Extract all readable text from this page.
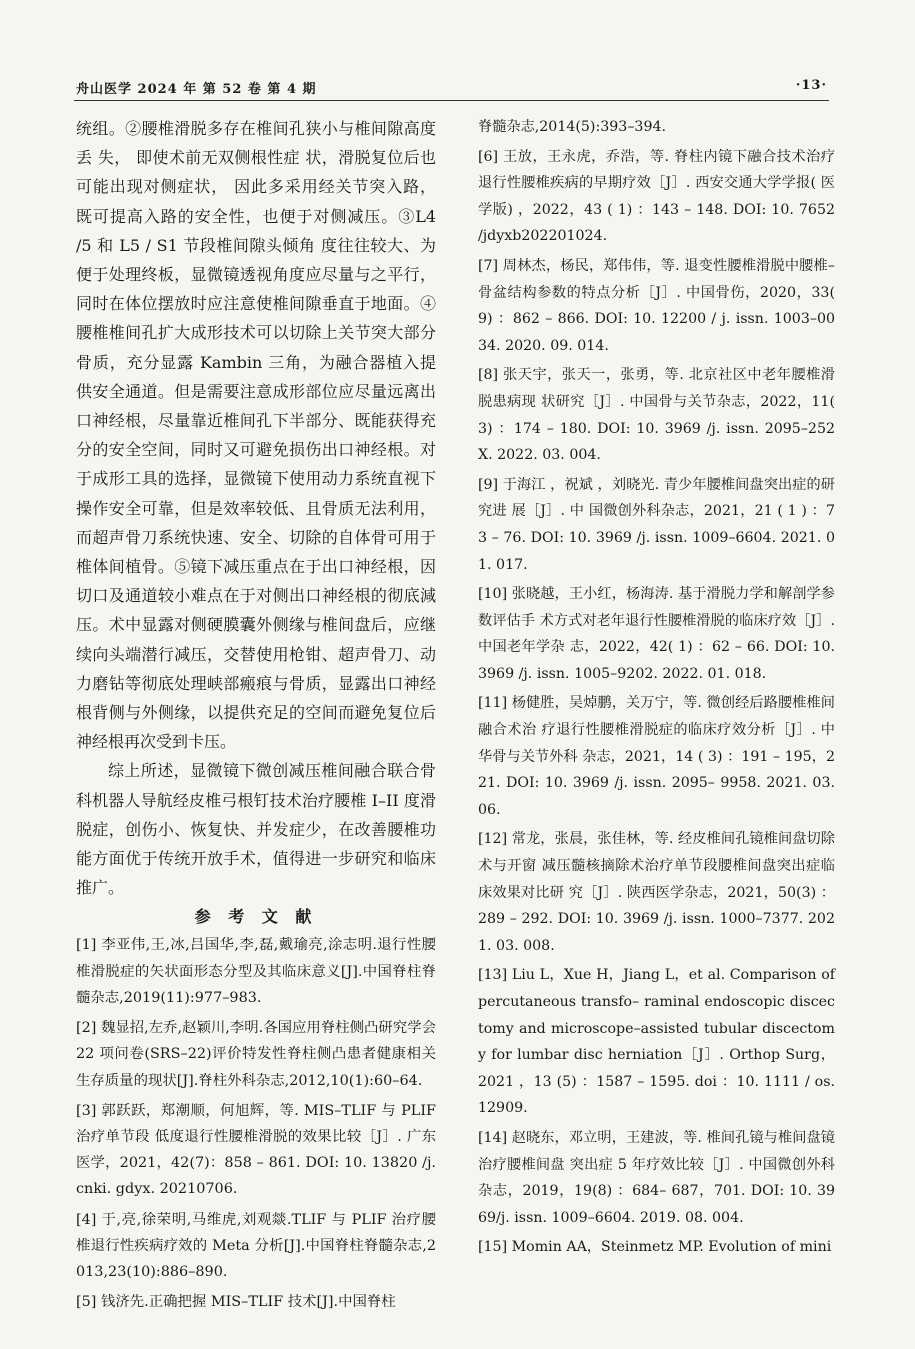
舟山医学 2024 年 第 52 卷 第 4 期	·13·

统组。②腰椎滑脱多存在椎间孔狭小与椎间隙高度丢 失， 即使术前无双侧根性症 状，滑脱复位后也可能出现对侧症状， 因此多采用经关节突入路， 既可提高入路的安全性，也便于对侧减压。③L4 /5 和 L5 / S1 节段椎间隙头倾角 度往往较大、为便于处理终板，显微镜透视角度应尽量与之平行，同时在体位摆放时应注意使椎间隙垂直于地面。④腰椎椎间孔扩大成形技术可以切除上关节突大部分骨质，充分显露 Kambin 三角，为融合器植入提供安全通道。但是需要注意成形部位应尽量远离出口神经根，尽量靠近椎间孔下半部分、既能获得充分的安全空间，同时又可避免损伤出口神经根。对于成形工具的选择，显微镜下使用动力系统直视下操作安全可靠，但是效率较低、且骨质无法利用，而超声骨刀系统快速、安全、切除的自体骨可用于椎体间植骨。⑤镜下减压重点在于出口神经根，因切口及通道较小难点在于对侧出口神经根的彻底減 压。术中显露对侧硬膜囊外侧缘与椎间盘后，应继续向头端潜行减压，交替使用枪钳、超声骨刀、动力磨钻等彻底处理峡部瘢痕与骨质，显露出口神经根背侧与外侧缘，以提供充足的空间而避免复位后神经根再次受到卡压。

综上所述，显微镜下微创减压椎间融合联合骨科机器人导航经皮椎弓根钉技术治疗腰椎 I–II 度滑脱症，创伤小、恢复快、并发症少，在改善腰椎功能方面优于传统开放手术，值得进一步研究和临床推广。

参 考 文 献

[1] 李亚伟,王,冰,吕国华,李,磊,戴瑜亮,涂志明.退行性腰椎滑脱症的矢状面形态分型及其临床意义[J].中国脊柱脊髓杂志,2019(11):977–983.

[2] 魏显招,左乔,赵颖川,李明.各国应用脊柱侧凸研究学会 22 项问卷(SRS–22)评价特发性脊柱侧凸患者健康相关生存质量的现状[J].脊柱外科杂志,2012,10(1):60–64.

[3] 郭跃跃，郑潮顺，何旭辉，等. MIS–TLIF 与 PLIF 治疗单节段 低度退行性腰椎滑脱的效果比较［J］. 广东医学，2021，42(7)：858 – 861. DOI: 10. 13820 /j. cnki. gdyx. 20210706.

[4] 于,亮,徐荣明,马维虎,刘观燚.TLIF 与 PLIF 治疗腰椎退行性疾病疗效的 Meta 分析[J].中国脊柱脊髓杂志,2013,23(10):886–890.

[5] 钱济先.正确把握 MIS–TLIF 技术[J].中国脊柱

脊髓杂志,2014(5):393–394.

[6] 王放，王永虎，乔浩，等. 脊柱内镜下融合技术治疗退行性腰椎疾病的早期疗效［J］. 西安交通大学学报( 医学版) ，2022，43 ( 1) ：143 – 148. DOI: 10. 7652 /jdyxb202201024.

[7] 周林杰，杨民，郑伟伟，等. 退变性腰椎滑脱中腰椎–骨盆结构参数的特点分析［J］. 中国骨伤，2020，33( 9) ：862 – 866. DOI: 10. 12200 / j. issn. 1003–0034. 2020. 09. 014.

[8] 张天宇，张天一，张勇，等. 北京社区中老年腰椎滑脱患病现 状研究［J］. 中国骨与关节杂志，2022，11( 3) ：174 – 180. DOI: 10. 3969 /j. issn. 2095–252X. 2022. 03. 004.

[9] 于海江 ，祝斌 ，刘晓光. 青少年腰椎间盘突出症的研究进 展［J］. 中 国微创外科杂志，2021，21 ( 1 ) ：73 – 76. DOI: 10. 3969 /j. issn. 1009–6604. 2021. 01. 017.

[10] 张晓越，王小红，杨海涛. 基于滑脱力学和解剖学参数评估手 术方式对老年退行性腰椎滑脱的临床疗效［J］. 中国老年学杂 志，2022，42( 1) ：62 – 66. DOI: 10. 3969 /j. issn. 1005–9202. 2022. 01. 018.

[11] 杨健胜，吴焯鹏，关万宁，等. 微创经后路腰椎椎间融合术治 疗退行性腰椎滑脱症的临床疗效分析［J］. 中华骨与关节外科 杂志，2021，14 ( 3) ：191 – 195，221. DOI: 10. 3969 /j. issn. 2095– 9958. 2021. 03. 06.

[12] 常龙，张晨，张佳林，等. 经皮椎间孔镜椎间盘切除术与开窗 减压髓核摘除术治疗单节段腰椎间盘突出症临床效果对比研 究［J］. 陕西医学杂志，2021，50(3) ：289 – 292. DOI: 10. 3969 /j. issn. 1000–7377. 2021. 03. 008.

[13] Liu L，Xue H，Jiang L，et al. Comparison of percutaneous transfo– raminal endoscopic discectomy and microscope–assisted tubular discectomy for lumbar disc herniation［J］. Orthop Surg，2021 ，13 (5) ：1587 – 1595. doi ：10. 1111 / os. 12909.

[14] 赵晓东，邓立明，王建波，等. 椎间孔镜与椎间盘镜治疗腰椎间盘 突出症 5 年疗效比较［J］. 中国微创外科杂志，2019，19(8) ：684– 687，701. DOI: 10. 3969/j. issn. 1009–6604. 2019. 08. 004.

[15] Momin AA，Steinmetz MP. Evolution of mini
